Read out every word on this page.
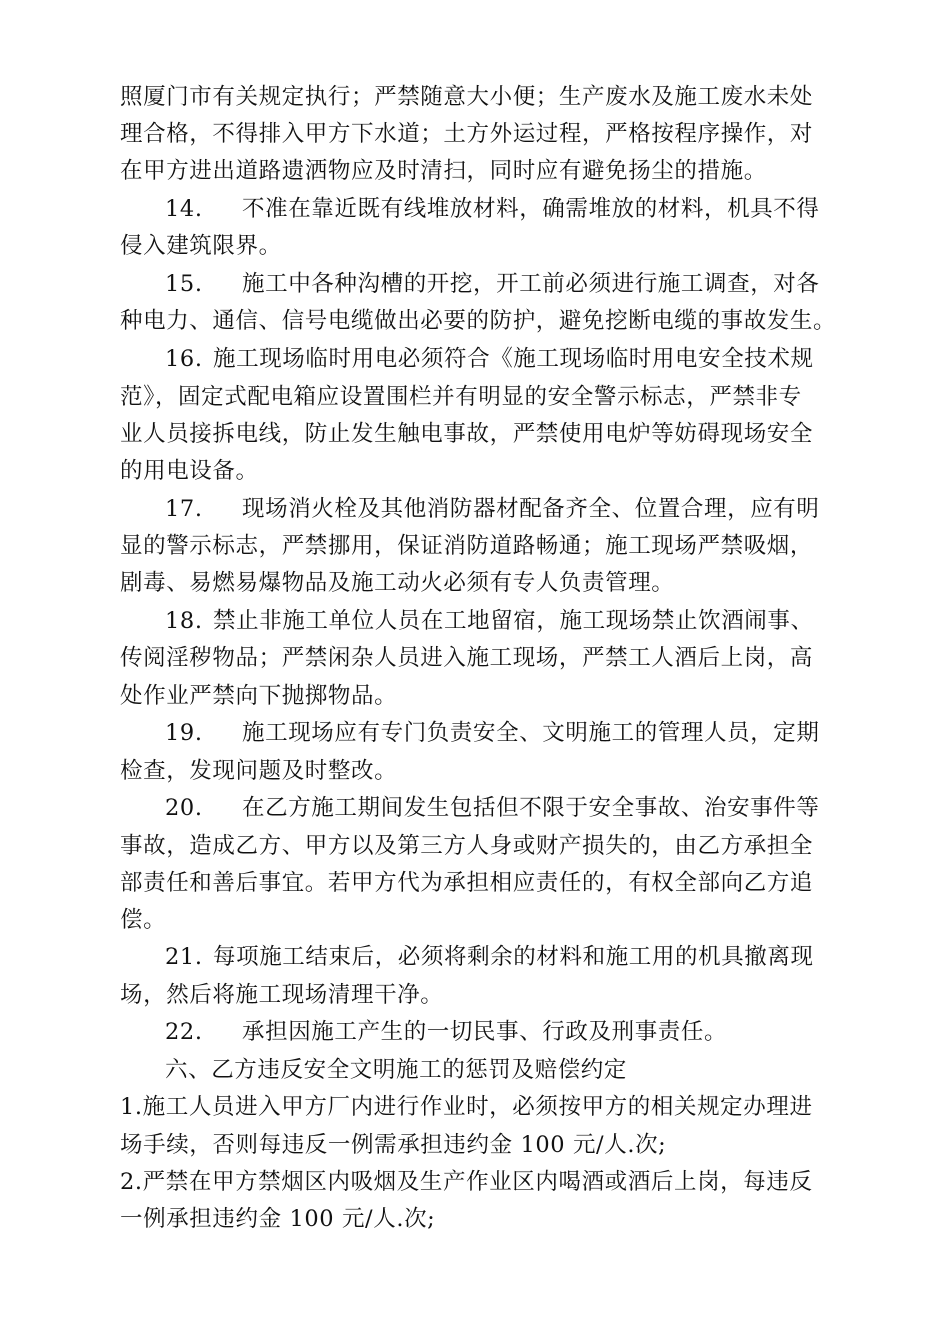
照厦门市有关规定执行；严禁随意大小便；生产废水及施工废水未处
理合格，不得排入甲方下水道；土方外运过程，严格按程序操作，对
在甲方进出道路遗洒物应及时清扫，同时应有避免扬尘的措施。
14. 不准在靠近既有线堆放材料，确需堆放的材料，机具不得
侵入建筑限界。
15. 施工中各种沟槽的开挖，开工前必须进行施工调查，对各
种电力、通信、信号电缆做出必要的防护，避免挖断电缆的事故发生。
16. 施工现场临时用电必须符合《施工现场临时用电安全技术规
范》，固定式配电箱应设置围栏并有明显的安全警示标志，严禁非专
业人员接拆电线，防止发生触电事故，严禁使用电炉等妨碍现场安全
的用电设备。
17. 现场消火栓及其他消防器材配备齐全、位置合理，应有明
显的警示标志，严禁挪用，保证消防道路畅通；施工现场严禁吸烟，
剧毒、易燃易爆物品及施工动火必须有专人负责管理。
18. 禁止非施工单位人员在工地留宿，施工现场禁止饮酒闹事、
传阅淫秽物品；严禁闲杂人员进入施工现场，严禁工人酒后上岗，高
处作业严禁向下抛掷物品。
19. 施工现场应有专门负责安全、文明施工的管理人员，定期
检查，发现问题及时整改。
20. 在乙方施工期间发生包括但不限于安全事故、治安事件等
事故，造成乙方、甲方以及第三方人身或财产损失的，由乙方承担全
部责任和善后事宜。若甲方代为承担相应责任的，有权全部向乙方追
偿。
21. 每项施工结束后，必须将剩余的材料和施工用的机具撤离现
场，然后将施工现场清理干净。
22. 承担因施工产生的一切民事、行政及刑事责任。
六、乙方违反安全文明施工的惩罚及赔偿约定
1.施工人员进入甲方厂内进行作业时，必须按甲方的相关规定办理进
场手续，否则每违反一例需承担违约金 100 元/人.次;
2.严禁在甲方禁烟区内吸烟及生产作业区内喝酒或酒后上岗，每违反
一例承担违约金 100 元/人.次;
